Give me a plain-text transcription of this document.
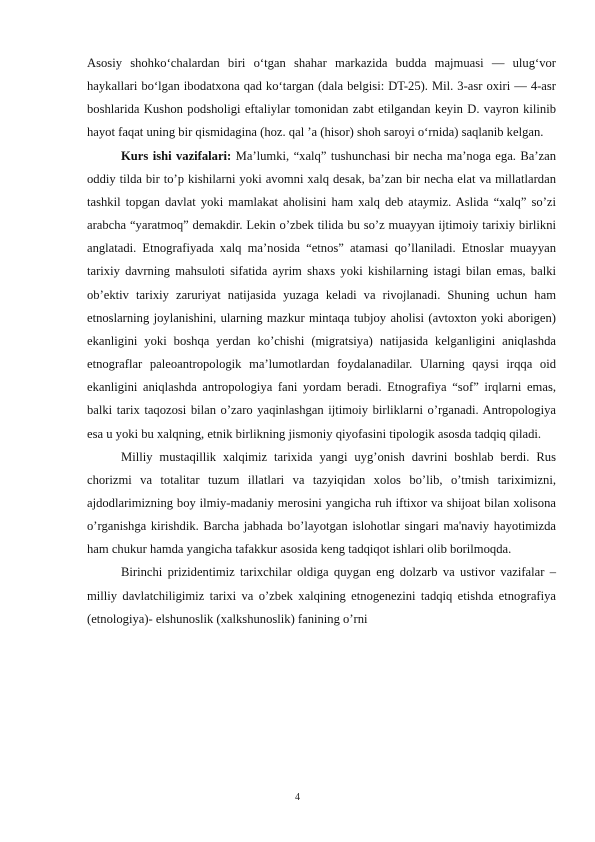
Asosiy shohko‘chalardan biri o‘tgan shahar markazida budda majmuasi — ulug‘vor haykallari bo‘lgan ibodatxona qad ko‘targan (dala belgisi: DT-25). Mil. 3-asr oxiri — 4-asr boshlarida Kushon podsholigi eftaliylar tomonidan zabt etilgandan keyin D. vayron kilinib hayot faqat uning bir qismidagina (hoz. qal ʼa (hisor) shoh saroyi o‘rnida) saqlanib kelgan.

Kurs ishi vazifalari: Maʼlumki, “xalq” tushunchasi bir necha maʼnoga ega. Baʼzan oddiy tilda bir toʼp kishilarni yoki avomni xalq desak, baʼzan bir necha elat va millatlardan tashkil topgan davlat yoki mamlakat aholisini ham xalq deb ataymiz. Aslida “xalq” soʼzi arabcha “yaratmoq” demakdir. Lekin oʼzbek tilida bu soʼz muayyan ijtimoiy tarixiy birlikni anglatadi. Etnografiyada xalq maʼnosida “etnos” atamasi qoʼllaniladi. Etnoslar muayyan tarixiy davrning mahsuloti sifatida ayrim shaxs yoki kishilarning istagi bilan emas, balki obʼektiv tarixiy zaruriyat natijasida yuzaga keladi va rivojlanadi. Shuning uchun ham etnoslarning joylanishini, ularning mazkur mintaqa tubjoy aholisi (avtoxton yoki aborigen) ekanligini yoki boshqa yerdan koʼchishi (migratsiya) natijasida kelganligini aniqlashda etnograflar paleoantropologik maʼlumotlardan foydalanadilar. Ularning qaysi irqqa oid ekanligini aniqlashda antropologiya fani yordam beradi. Etnografiya “sof” irqlarni emas, balki tarix taqozosi bilan oʼzaro yaqinlashgan ijtimoiy birliklarni oʼrganadi. Antropologiya esa u yoki bu xalqning, etnik birlikning jismoniy qiyofasini tipologik asosda tadqiq qiladi.

Milliy mustaqillik xalqimiz tarixida yangi uyg’onish davrini boshlab berdi. Rus chorizmi va totalitar tuzum illatlari va tazyiqidan xolos bo’lib, o’tmish tariximizni, ajdodlarimizning boy ilmiy-madaniy merosini yangicha ruh iftixor va shijoat bilan xolisona o’rganishga kirishdik. Barcha jabhada bo’layotgan islohotlar singari ma'naviy hayotimizda ham chukur hamda yangicha tafakkur asosida keng tadqiqot ishlari olib borilmoqda.

Birinchi prizidentimiz tarixchilar oldiga quygan eng dolzarb va ustivor vazifalar – milliy davlatchiligimiz tarixi va o’zbek xalqining etnogenezini tadqiq etishda etnografiya (etnologiya)- elshunoslik (xalkshunoslik) fanining o’rni

4
